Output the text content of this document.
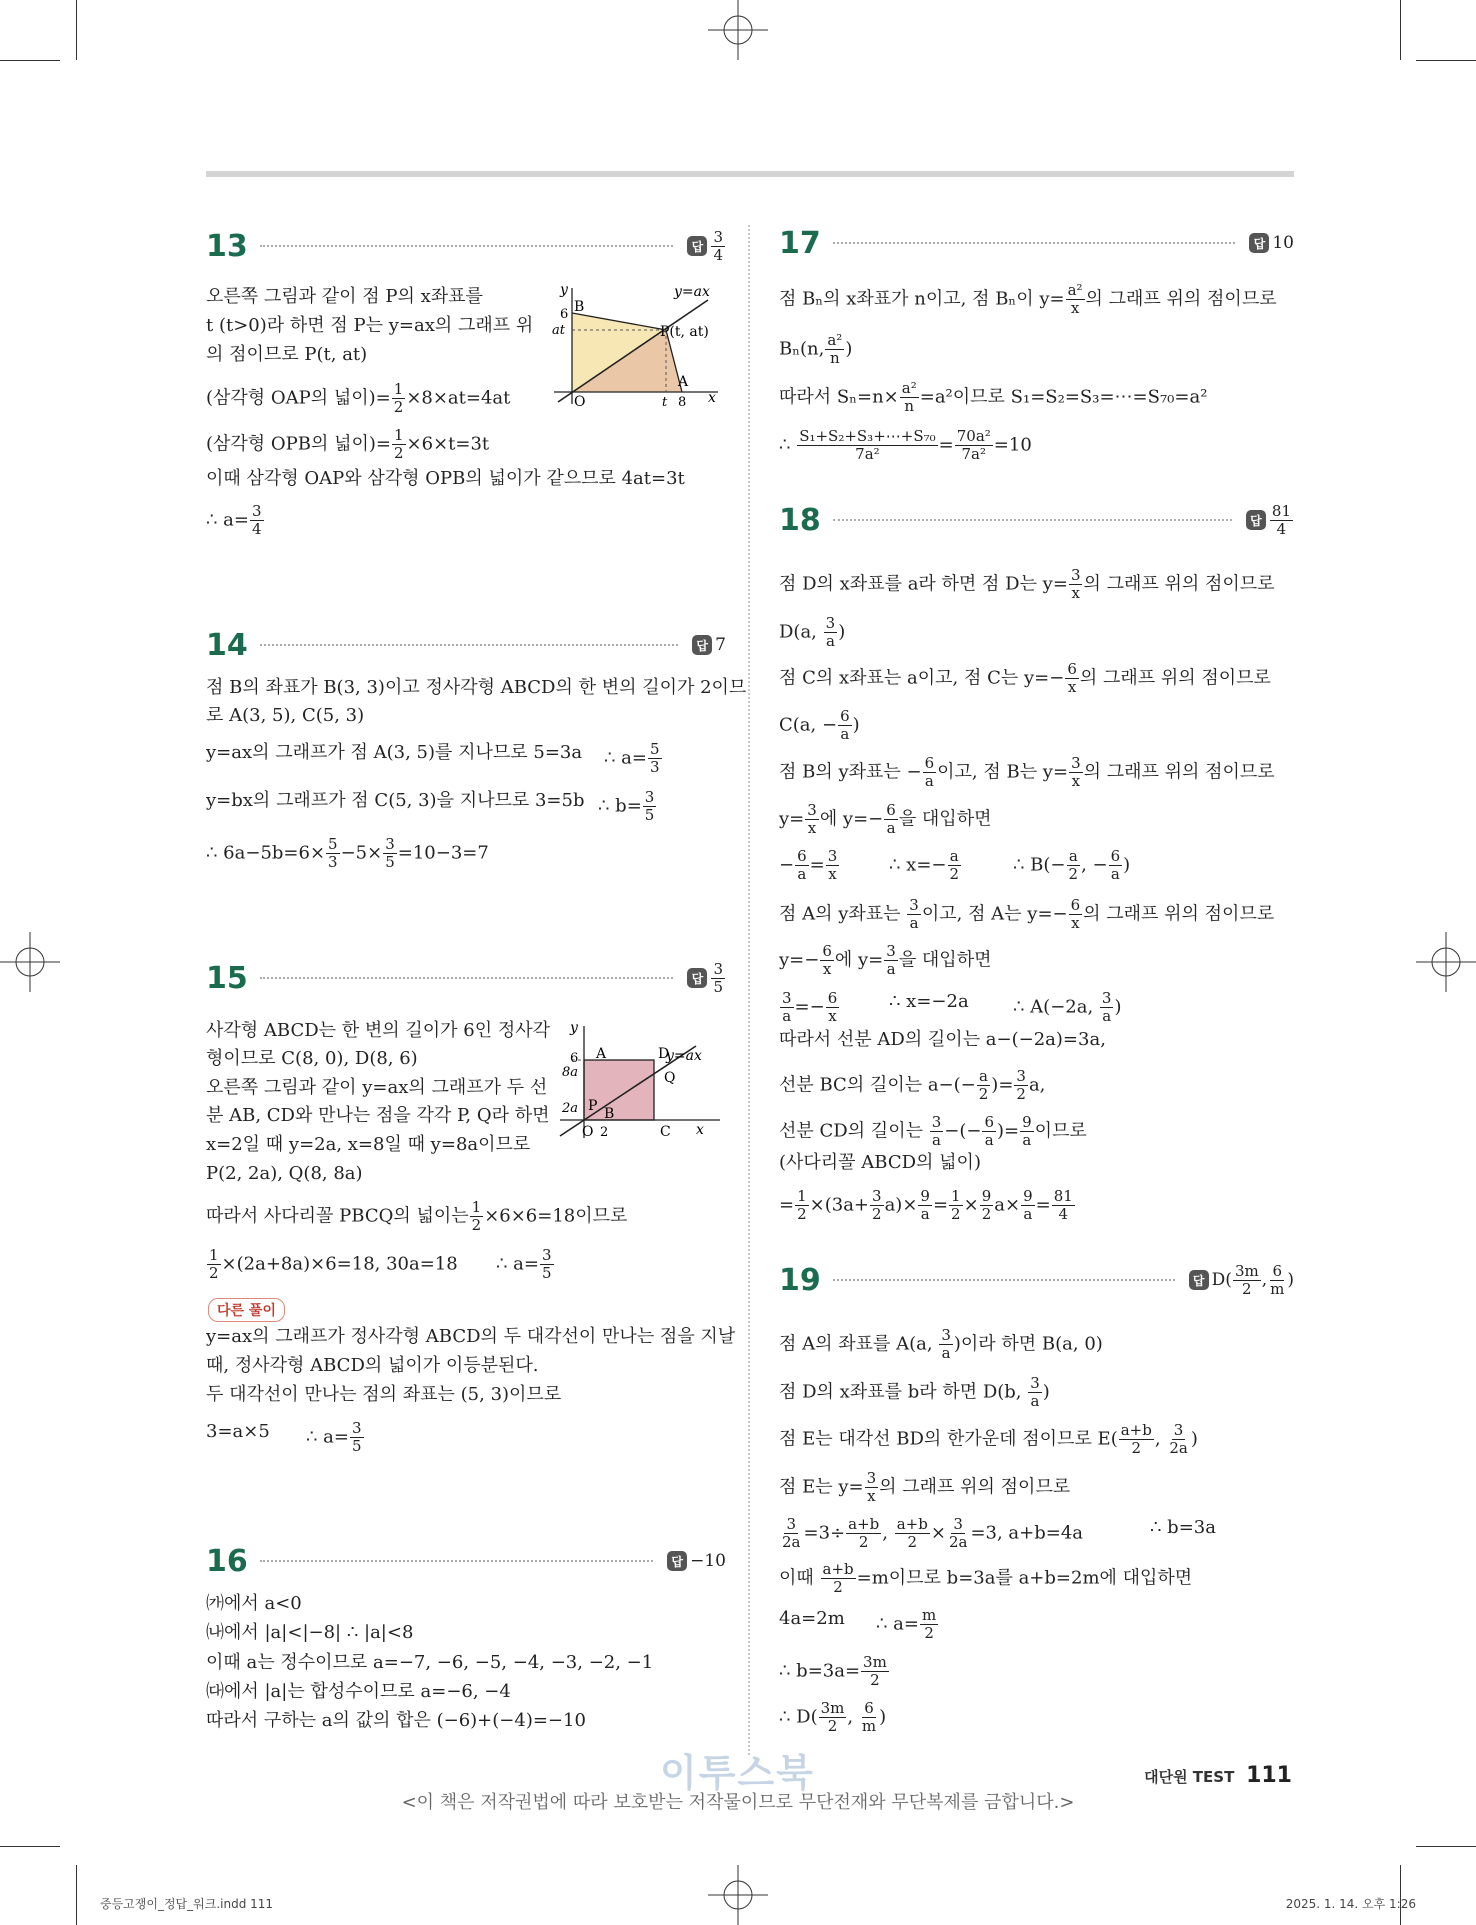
13	답 $\frac{3}{4}$
오른쪽 그림과 같이 점 P의 x좌표를
t (t>0)라 하면 점 P는 y=ax의 그래프 위
의 점이므로 P(t, at)
(삼각형 OAP의 넓이)= $\frac{1}{2} \times 8\times at=4at$
(삼각형 OPB의 넓이)= $\frac{1}{2} \times 6\times t=3t$
이때 삼각형 OAP와 삼각형 OPB의 넓이가 같으므로 4at=3t
∴ $a= \frac{3}{4}$
y
x
y=ax
B
6
at	P(t, at)
A
O	t 8
14	답 7
점 B의 좌표가 B(3, 3)이고 정사각형 ABCD의 한 변의 길이가 2이므
로 A(3, 5), C(5, 3)
y=ax의 그래프가 점 A(3, 5)를 지나므로 5=3a ∴ $a= \frac{5}{3}$
y=bx의 그래프가 점 C(5, 3)을 지나므로 3=5b ∴ $b= \frac{3}{5}$
∴ $6a-5b=6\times \frac{5}{3} -5\times \frac{3}{5} =10-3=7$
15	답 $\frac{3}{5}$
사각형 ABCD는 한 변의 길이가 6인 정사각
형이므로 C(8, 0), D(8, 6)
오른쪽 그림과 같이 y=ax의 그래프가 두 선
분 AB, CD와 만나는 점을 각각 P, Q라 하면
x=2일 때 y=2a, x=8일 때 y=8a이므로
P(2, 2a), Q(8, 8a)
따라서 사다리꼴 PBCQ의 넓이는 $\frac{1}{2} \times 6\times 6=18$이므로
$\frac{1}{2} \times(2a+8a)\times 6=18$, 30a=18 ∴ $a= \frac{3}{5}$
다른 풀이
y=ax의 그래프가 정사각형 ABCD의 두 대각선이 만나는 점을 지날
때, 정사각형 ABCD의 넓이가 이등분된다.
두 대각선이 만나는 점의 좌표는 (5, 3)이므로
3=a×5 ∴ $a= \frac{3}{5}$
y
x
y=ax
A	D
Q
P B
C
O 2
6
8a
2a
16	답 −10
㈎에서 a<0
㈏에서 |a|<|−8| ∴ |a|<8
이때 a는 정수이므로 a=−7, −6, −5, −4, −3, −2, −1
㈐에서 |a|는 합성수이므로 a=−6, −4
따라서 구하는 a의 값의 합은 (−6)+(−4)=−10
17	답 10
점 Bₙ의 x좌표가 n이고, 점 Bₙ이 $y= \frac{\text{a²}}{x}$ 의 그래프 위의 점이므로
Bₙ(n, $\frac{\text{a²}}{n}$ )
따라서 $S_n=n\times \frac{\text{a²}}{n} =a^2$이므로 S₁=S₂=S₃=⋯=S₇₀=a²
∴ $\frac{\text{S₁+S₂+S₃+⋯+S₇₀}}{\text{7a²}} = \frac{\text{70a²}}{\text{7a²}} =10$
18	답 $\frac{81}{4}$
점 D의 x좌표를 a라 하면 점 D는 $y= \frac{3}{x}$ 의 그래프 위의 점이므로
D(a, $\frac{3}{a}$ )
점 C의 x좌표는 a이고, 점 C는 $y=- \frac{6}{x}$ 의 그래프 위의 점이므로
C(a, − $\frac{6}{a}$ )
점 B의 y좌표는 − $\frac{6}{a}$ 이고, 점 B는 $y= \frac{3}{x}$ 의 그래프 위의 점이므로
$y= \frac{3}{x}$ 에 $y=- \frac{6}{a}$ 을 대입하면
− $\frac{6}{a} = \frac{3}{x}$	∴ $x=- \frac{a}{2}$	∴ $B(- \frac{a}{2}$ , − $\frac{6}{a}$ )
점 A의 y좌표는 $\frac{3}{a}$ 이고, 점 A는 $y=- \frac{6}{x}$ 의 그래프 위의 점이므로
$y=- \frac{6}{x}$ 에 $y= \frac{3}{a}$ 을 대입하면
$\frac{3}{a} =- \frac{6}{x}$	∴ x=−2a ∴ A(−2a, $\frac{3}{a}$ )
따라서 선분 AD의 길이는 a−(−2a)=3a,
선분 BC의 길이는 $a-(- \frac{a}{2}$ )= $\frac{3}{2} a$,
선분 CD의 길이는 $\frac{3}{a}$ −(− $\frac{6}{a}$ )= $\frac{9}{a}$ 이므로
(사다리꼴 ABCD의 넓이)
= $\frac{1}{2} \times(3a+ \frac{3}{2} a)\times \frac{9}{a} = \frac{1}{2} \times \frac{9}{2} a\times \frac{9}{a} = \frac{81}{4}$
19	답 $D( \frac{3m}{2}$ , $\frac{6}{m}$ )
점 A의 좌표를 A(a, $\frac{3}{a}$ )이라 하면 B(a, 0)
점 D의 x좌표를 b라 하면 D(b, $\frac{3}{a}$ )
점 E는 대각선 BD의 한가운데 점이므로 $E( \frac{a+b}{2}$ , $\frac{3}{2a}$ )
점 E는 $y= \frac{3}{x}$ 의 그래프 위의 점이므로
$\frac{3}{2a} =3\div \frac{a+b}{2}$ , $\frac{a+b}{2} \times \frac{3}{2a} =3$, a+b=4a	∴ b=3a
이때 $\frac{a+b}{2} =m$이므로 b=3a를 a+b=2m에 대입하면
4a=2m ∴ $a= \frac{m}{2}$
∴ $b=3a= \frac{3m}{2}$
∴ $D( \frac{3m}{2}$ , $\frac{6}{m}$ )
이투스북
<이 책은 저작권법에 따라 보호받는 저작물이므로 무단전재와 무단복제를 금합니다.>
대단원 TEST 111
중등고쟁이_정답_워크.indd 111	2025. 1. 14. 오후 1:26
